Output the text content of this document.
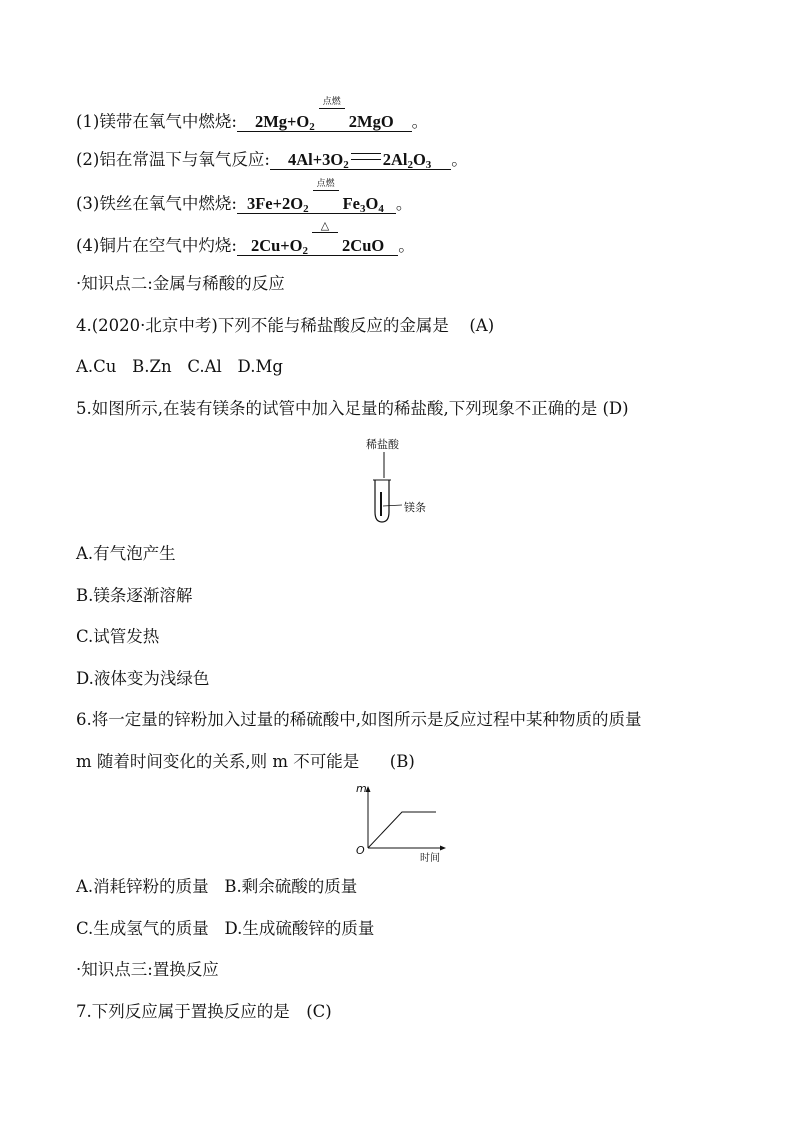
(1)镁带在氧气中燃烧: $2Mg+O_2$
点燃
2MgO 。
(2)铝在常温下与氧气反应: $4Al+3O_2$ $2Al_2O_3$ 。
(3)铁丝在氧气中燃烧: $3Fe+2O_2$
点燃
$Fe_3O_4$ 。
(4)铜片在空气中灼烧: $2Cu+O_2$
△
2CuO 。
·知识点二:金属与稀酸的反应
4.(2020·北京中考)下列不能与稀盐酸反应的金属是 (A)
A.Cu   B.Zn   C.Al   D.Mg
5.如图所示,在装有镁条的试管中加入足量的稀盐酸,下列现象不正确的是 (D)
稀盐酸
镁条
A.有气泡产生
B.镁条逐渐溶解
C.试管发热
D.液体变为浅绿色
6.将一定量的锌粉加入过量的稀硫酸中,如图所示是反应过程中某种物质的质量
m 随着时间变化的关系,则 m 不可能是 (B)
m
O
时间
A.消耗锌粉的质量   B.剩余硫酸的质量
C.生成氢气的质量   D.生成硫酸锌的质量
·知识点三:置换反应
7.下列反应属于置换反应的是 (C)
